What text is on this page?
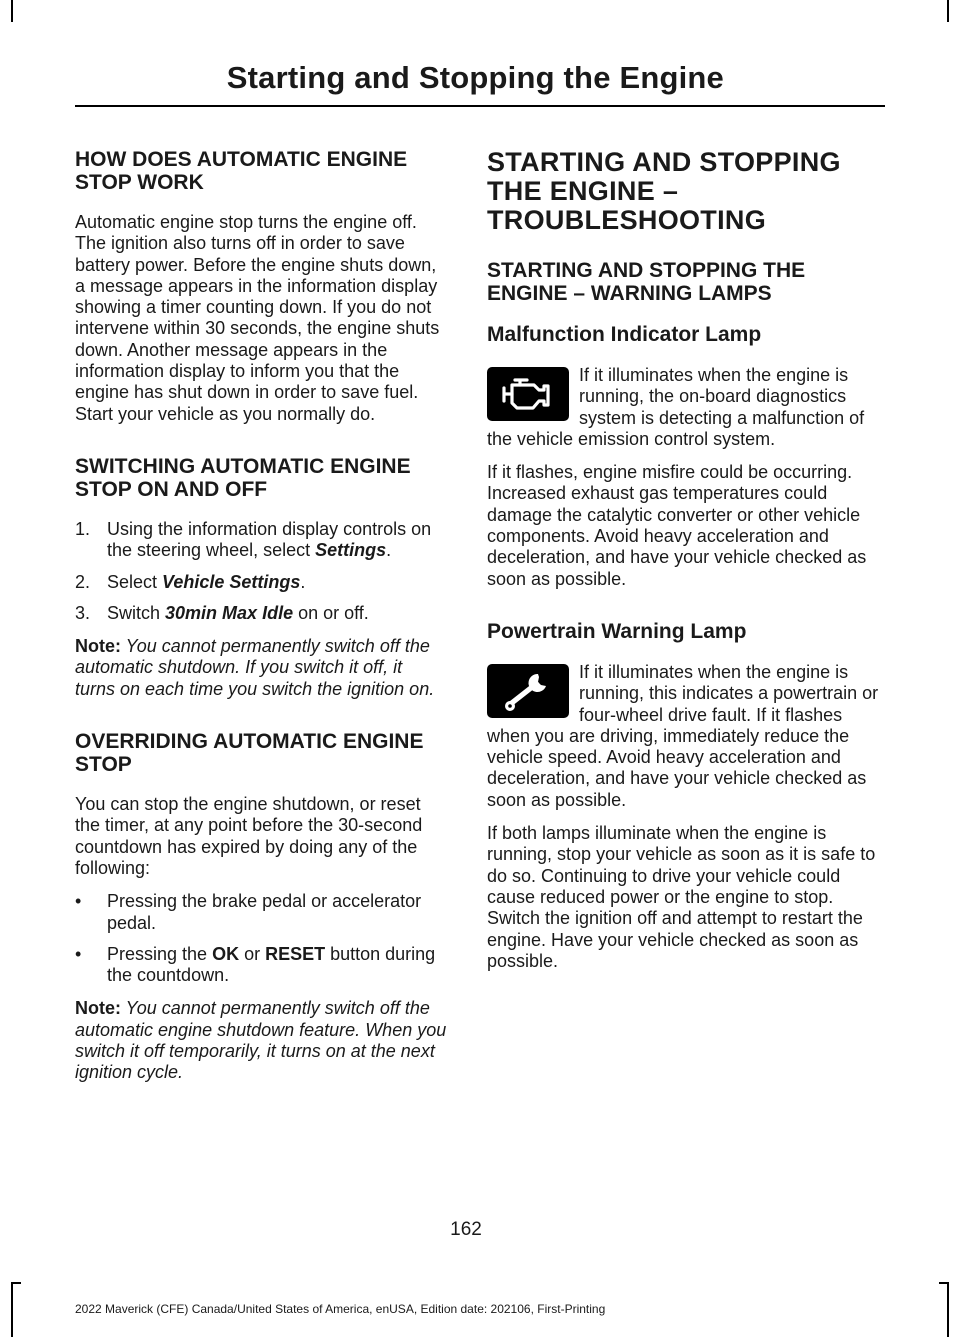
Starting and Stopping the Engine
HOW DOES AUTOMATIC ENGINE STOP WORK

Automatic engine stop turns the engine off. The ignition also turns off in order to save battery power. Before the engine shuts down, a message appears in the information display showing a timer counting down. If you do not intervene within 30 seconds, the engine shuts down. Another message appears in the information display to inform you that the engine has shut down in order to save fuel. Start your vehicle as you normally do.

SWITCHING AUTOMATIC ENGINE STOP ON AND OFF
1. Using the information display controls on the steering wheel, select Settings.
2. Select Vehicle Settings.
3. Switch 30min Max Idle on or off.

Note: You cannot permanently switch off the automatic shutdown. If you switch it off, it turns on each time you switch the ignition on.

OVERRIDING AUTOMATIC ENGINE STOP

You can stop the engine shutdown, or reset the timer, at any point before the 30-second countdown has expired by doing any of the following:

• Pressing the brake pedal or accelerator pedal.
• Pressing the OK or RESET button during the countdown.

Note: You cannot permanently switch off the automatic engine shutdown feature. When you switch it off temporarily, it turns on at the next ignition cycle.

STARTING AND STOPPING THE ENGINE – TROUBLESHOOTING
STARTING AND STOPPING THE ENGINE – WARNING LAMPS
Malfunction Indicator Lamp

If it illuminates when the engine is running, the on-board diagnostics system is detecting a malfunction of the vehicle emission control system.

If it flashes, engine misfire could be occurring. Increased exhaust gas temperatures could damage the catalytic converter or other vehicle components. Avoid heavy acceleration and deceleration, and have your vehicle checked as soon as possible.

Powertrain Warning Lamp

If it illuminates when the engine is running, this indicates a powertrain or four-wheel drive fault. If it flashes when you are driving, immediately reduce the vehicle speed. Avoid heavy acceleration and deceleration, and have your vehicle checked as soon as possible.

If both lamps illuminate when the engine is running, stop your vehicle as soon as it is safe to do so. Continuing to drive your vehicle could cause reduced power or the engine to stop. Switch the ignition off and attempt to restart the engine. Have your vehicle checked as soon as possible.

162
2022 Maverick (CFE) Canada/United States of America, enUSA, Edition date: 202106, First-Printing
